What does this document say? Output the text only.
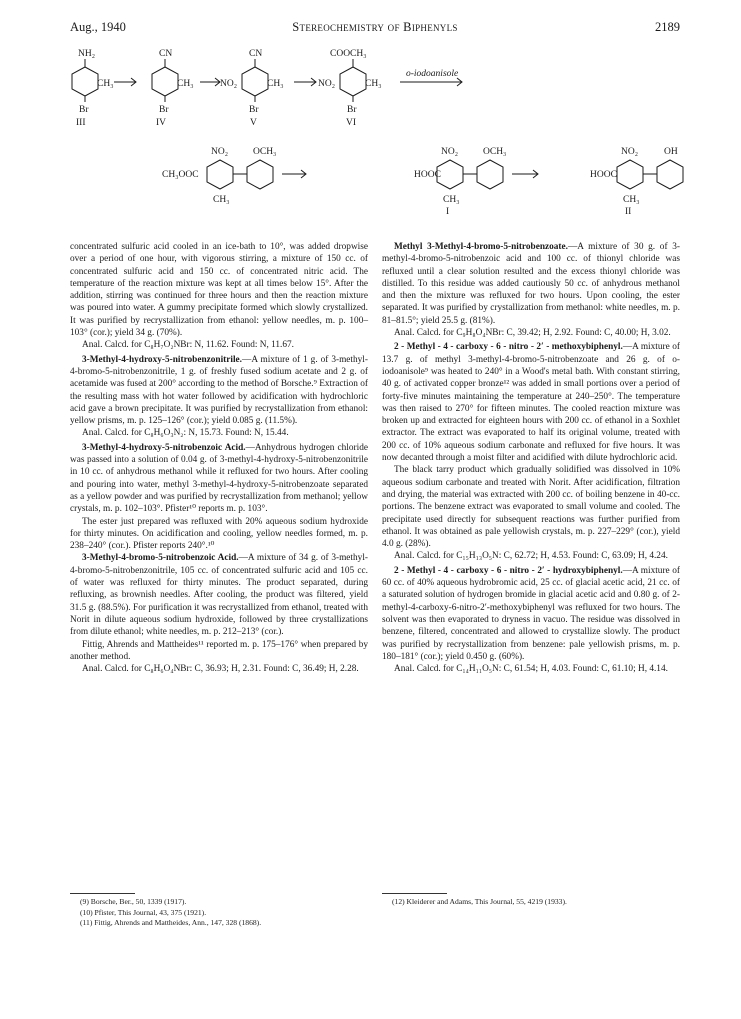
Aug., 1940	Stereochemistry of Biphenyls	2189
NH₂
CH₃
Br
III
CN
CH₃
Br
IV
CN
NO₂	CH₃
Br
V
COOCH₃
NO₂	CH₃
Br
VI
o-iodoanisole
CH₃OOC
NO₂	OCH₃
CH₃
HOOC
NO₂	OCH₃
CH₃
I
HOOC
NO₂	OH
CH₃
II

concentrated sulfuric acid cooled in an ice-bath to 10°, was added dropwise over a period of one hour, with vigorous stirring, a mixture of 150 cc. of concentrated sulfuric acid and 150 cc. of concentrated nitric acid. The temperature of the reaction mixture was kept at all times below 15°. After the addition, stirring was continued for three hours and then the reaction mixture was poured into water. A gummy precipitate formed which slowly crystallized. It was purified by recrystallization from ethanol: yellow needles, m. p. 100–103° (cor.); yield 34 g. (70%).

Anal. Calcd. for C₈H₇O₂NBr: N, 11.62. Found: N, 11.67.

3-Methyl-4-hydroxy-5-nitrobenzonitrile.—A mixture of 1 g. of 3-methyl-4-bromo-5-nitrobenzonitrile, 1 g. of freshly fused sodium acetate and 2 g. of acetamide was fused at 200° according to the method of Borsche.⁹ Extraction of the resulting mass with hot water followed by acidification with hydrochloric acid gave a brown precipitate. It was purified by recrystallization from ethanol: yellow prisms, m. p. 125–126° (cor.); yield 0.085 g. (11.5%).

Anal. Calcd. for C₈H₆O₃N₂: N, 15.73. Found: N, 15.44.

3-Methyl-4-hydroxy-5-nitrobenzoic Acid.—Anhydrous hydrogen chloride was passed into a solution of 0.04 g. of 3-methyl-4-hydroxy-5-nitrobenzonitrile in 10 cc. of anhydrous methanol while it refluxed for two hours. After cooling and pouring into water, methyl 3-methyl-4-hydroxy-5-nitrobenzoate separated as a yellow powder and was purified by recrystallization from methanol; yellow crystals, m. p. 102–103°. Pfister¹⁰ reports m. p. 103°.

The ester just prepared was refluxed with 20% aqueous sodium hydroxide for thirty minutes. On acidification and cooling, yellow needles formed, m. p. 238–240° (cor.). Pfister reports 240°.¹⁰

3-Methyl-4-bromo-5-nitrobenzoic Acid.—A mixture of 34 g. of 3-methyl-4-bromo-5-nitrobenzonitrile, 105 cc. of concentrated sulfuric acid and 105 cc. of water was refluxed for thirty minutes. The product separated, during refluxing, as brownish needles. After cooling, the product was filtered, yield 31.5 g. (88.5%). For purification it was recrystallized from ethanol, treated with Norit in dilute aqueous sodium hydroxide, followed by three crystallizations from dilute ethanol; white needles, m. p. 212–213° (cor.).

Fittig, Ahrends and Mattheides¹¹ reported m. p. 175–176° when prepared by another method.

Anal. Calcd. for C₈H₆O₄NBr: C, 36.93; H, 2.31. Found: C, 36.49; H, 2.28.

Methyl 3-Methyl-4-bromo-5-nitrobenzoate.—A mixture of 30 g. of 3-methyl-4-bromo-5-nitrobenzoic acid and 100 cc. of thionyl chloride was refluxed until a clear solution resulted and the excess thionyl chloride was distilled. To this residue was added cautiously 50 cc. of anhydrous methanol and then the mixture was refluxed for two hours. Upon cooling, the ester separated. It was purified by crystallization from methanol: white needles, m. p. 81–81.5°; yield 25.5 g. (81%).

Anal. Calcd. for C₉H₈O₄NBr: C, 39.42; H, 2.92. Found: C, 40.00; H, 3.02.

2 - Methyl - 4 - carboxy - 6 - nitro - 2′ - methoxybiphenyl.—A mixture of 13.7 g. of methyl 3-methyl-4-bromo-5-nitrobenzoate and 26 g. of o-iodoanisole⁹ was heated to 240° in a Wood's metal bath. With constant stirring, 40 g. of activated copper bronze¹² was added in small portions over a period of forty-five minutes maintaining the temperature at 240–250°. The temperature was then raised to 270° for fifteen minutes. The cooled reaction mixture was broken up and extracted for eighteen hours with 200 cc. of ethanol in a Soxhlet extractor. The extract was evaporated to half its original volume, treated with 200 cc. of 10% aqueous sodium carbonate and refluxed for five hours. It was now decanted through a moist filter and acidified with dilute hydrochloric acid.

The black tarry product which gradually solidified was dissolved in 10% aqueous sodium carbonate and treated with Norit. After acidification, filtration and drying, the material was extracted with 200 cc. of boiling benzene in 40-cc. portions. The benzene extract was evaporated to small volume and cooled. The precipitate used directly for subsequent reactions was further purified from ethanol. It was obtained as pale yellowish crystals, m. p. 227–229° (cor.), yield 4.0 g. (28%).

Anal. Calcd. for C₁₅H₁₃O₅N: C, 62.72; H, 4.53. Found: C, 63.09; H, 4.24.

2 - Methyl - 4 - carboxy - 6 - nitro - 2′ - hydroxybiphenyl.—A mixture of 60 cc. of 40% aqueous hydrobromic acid, 25 cc. of glacial acetic acid, 21 cc. of a saturated solution of hydrogen bromide in glacial acetic acid and 0.80 g. of 2-methyl-4-carboxy-6-nitro-2′-methoxybiphenyl was refluxed for two hours. The solvent was then evaporated to dryness in vacuo. The residue was dissolved in benzene, filtered, concentrated and allowed to crystallize slowly. The product was purified by recrystallization from benzene: pale yellowish prisms, m. p. 180–181° (cor.); yield 0.450 g. (60%).

Anal. Calcd. for C₁₄H₁₁O₅N: C, 61.54; H, 4.03. Found: C, 61.10; H, 4.14.

(9) Borsche, Ber., 50, 1339 (1917).
(10) Pfister, This Journal, 43, 375 (1921).
(11) Fittig, Ahrends and Mattheides, Ann., 147, 328 (1868).
(12) Kleiderer and Adams, This Journal, 55, 4219 (1933).
